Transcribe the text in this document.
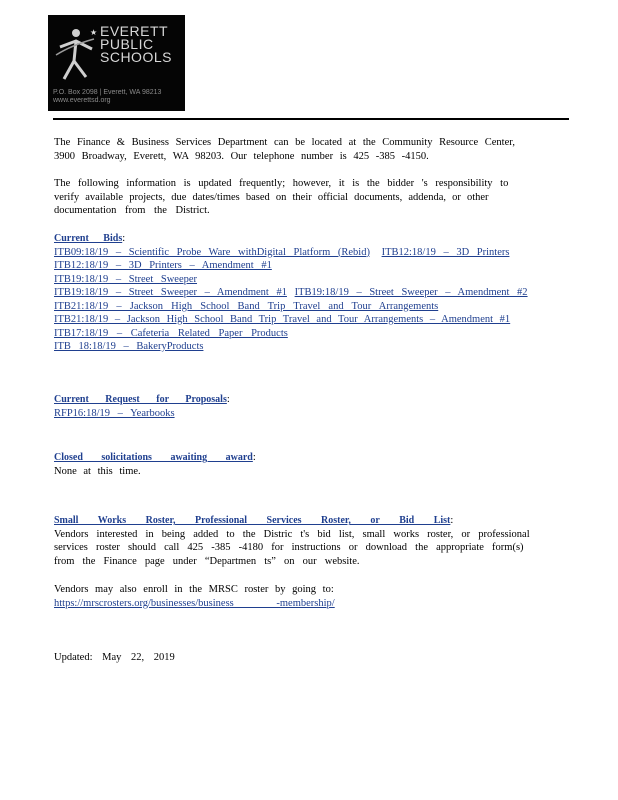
★ EVERETT
PUBLIC
SCHOOLS
P.O. Box 2098 | Everett, WA 98213
www.everettsd.org
The Finance & Business Services Department can be located at the Community Resource Center,
3900 Broadway, Everett, WA 98203. Our telephone number is 425 -385 -4150.
The following information is updated frequently; however, it is the bidder 's responsibility to
verify available projects, due dates/times based on their official documents, addenda, or other
documentation from the District.
Current Bids:
ITB09:18/19 – Scientific Probe Ware withDigital Platform (Rebid) ITB12:18/19 – 3D Printers
ITB12:18/19 – 3D Printers – Amendment #1
ITB19:18/19 – Street Sweeper
ITB19:18/19 – Street Sweeper – Amendment #1 ITB19:18/19 – Street Sweeper – Amendment #2
ITB21:18/19 – Jackson High School Band Trip Travel and Tour Arrangements
ITB21:18/19 – Jackson High School Band Trip Travel and Tour Arrangements – Amendment #1
ITB17:18/19 – Cafeteria Related Paper Products
ITB 18:18/19 – BakeryProducts
Current Request for Proposals:
RFP16:18/19 – Yearbooks
Closed solicitations awaiting award:
None at this time.
Small Works Roster, Professional Services Roster, or Bid List:
Vendors interested in being added to the Distric t's bid list, small works roster, or professional
services roster should call 425 -385 -4180 for instructions or download the appropriate form(s)
from the Finance page under “Departmen ts” on our website.
Vendors may also enroll in the MRSC roster by going to:
https://mrscrosters.org/businesses/business -membership/
Updated: May 22, 2019
